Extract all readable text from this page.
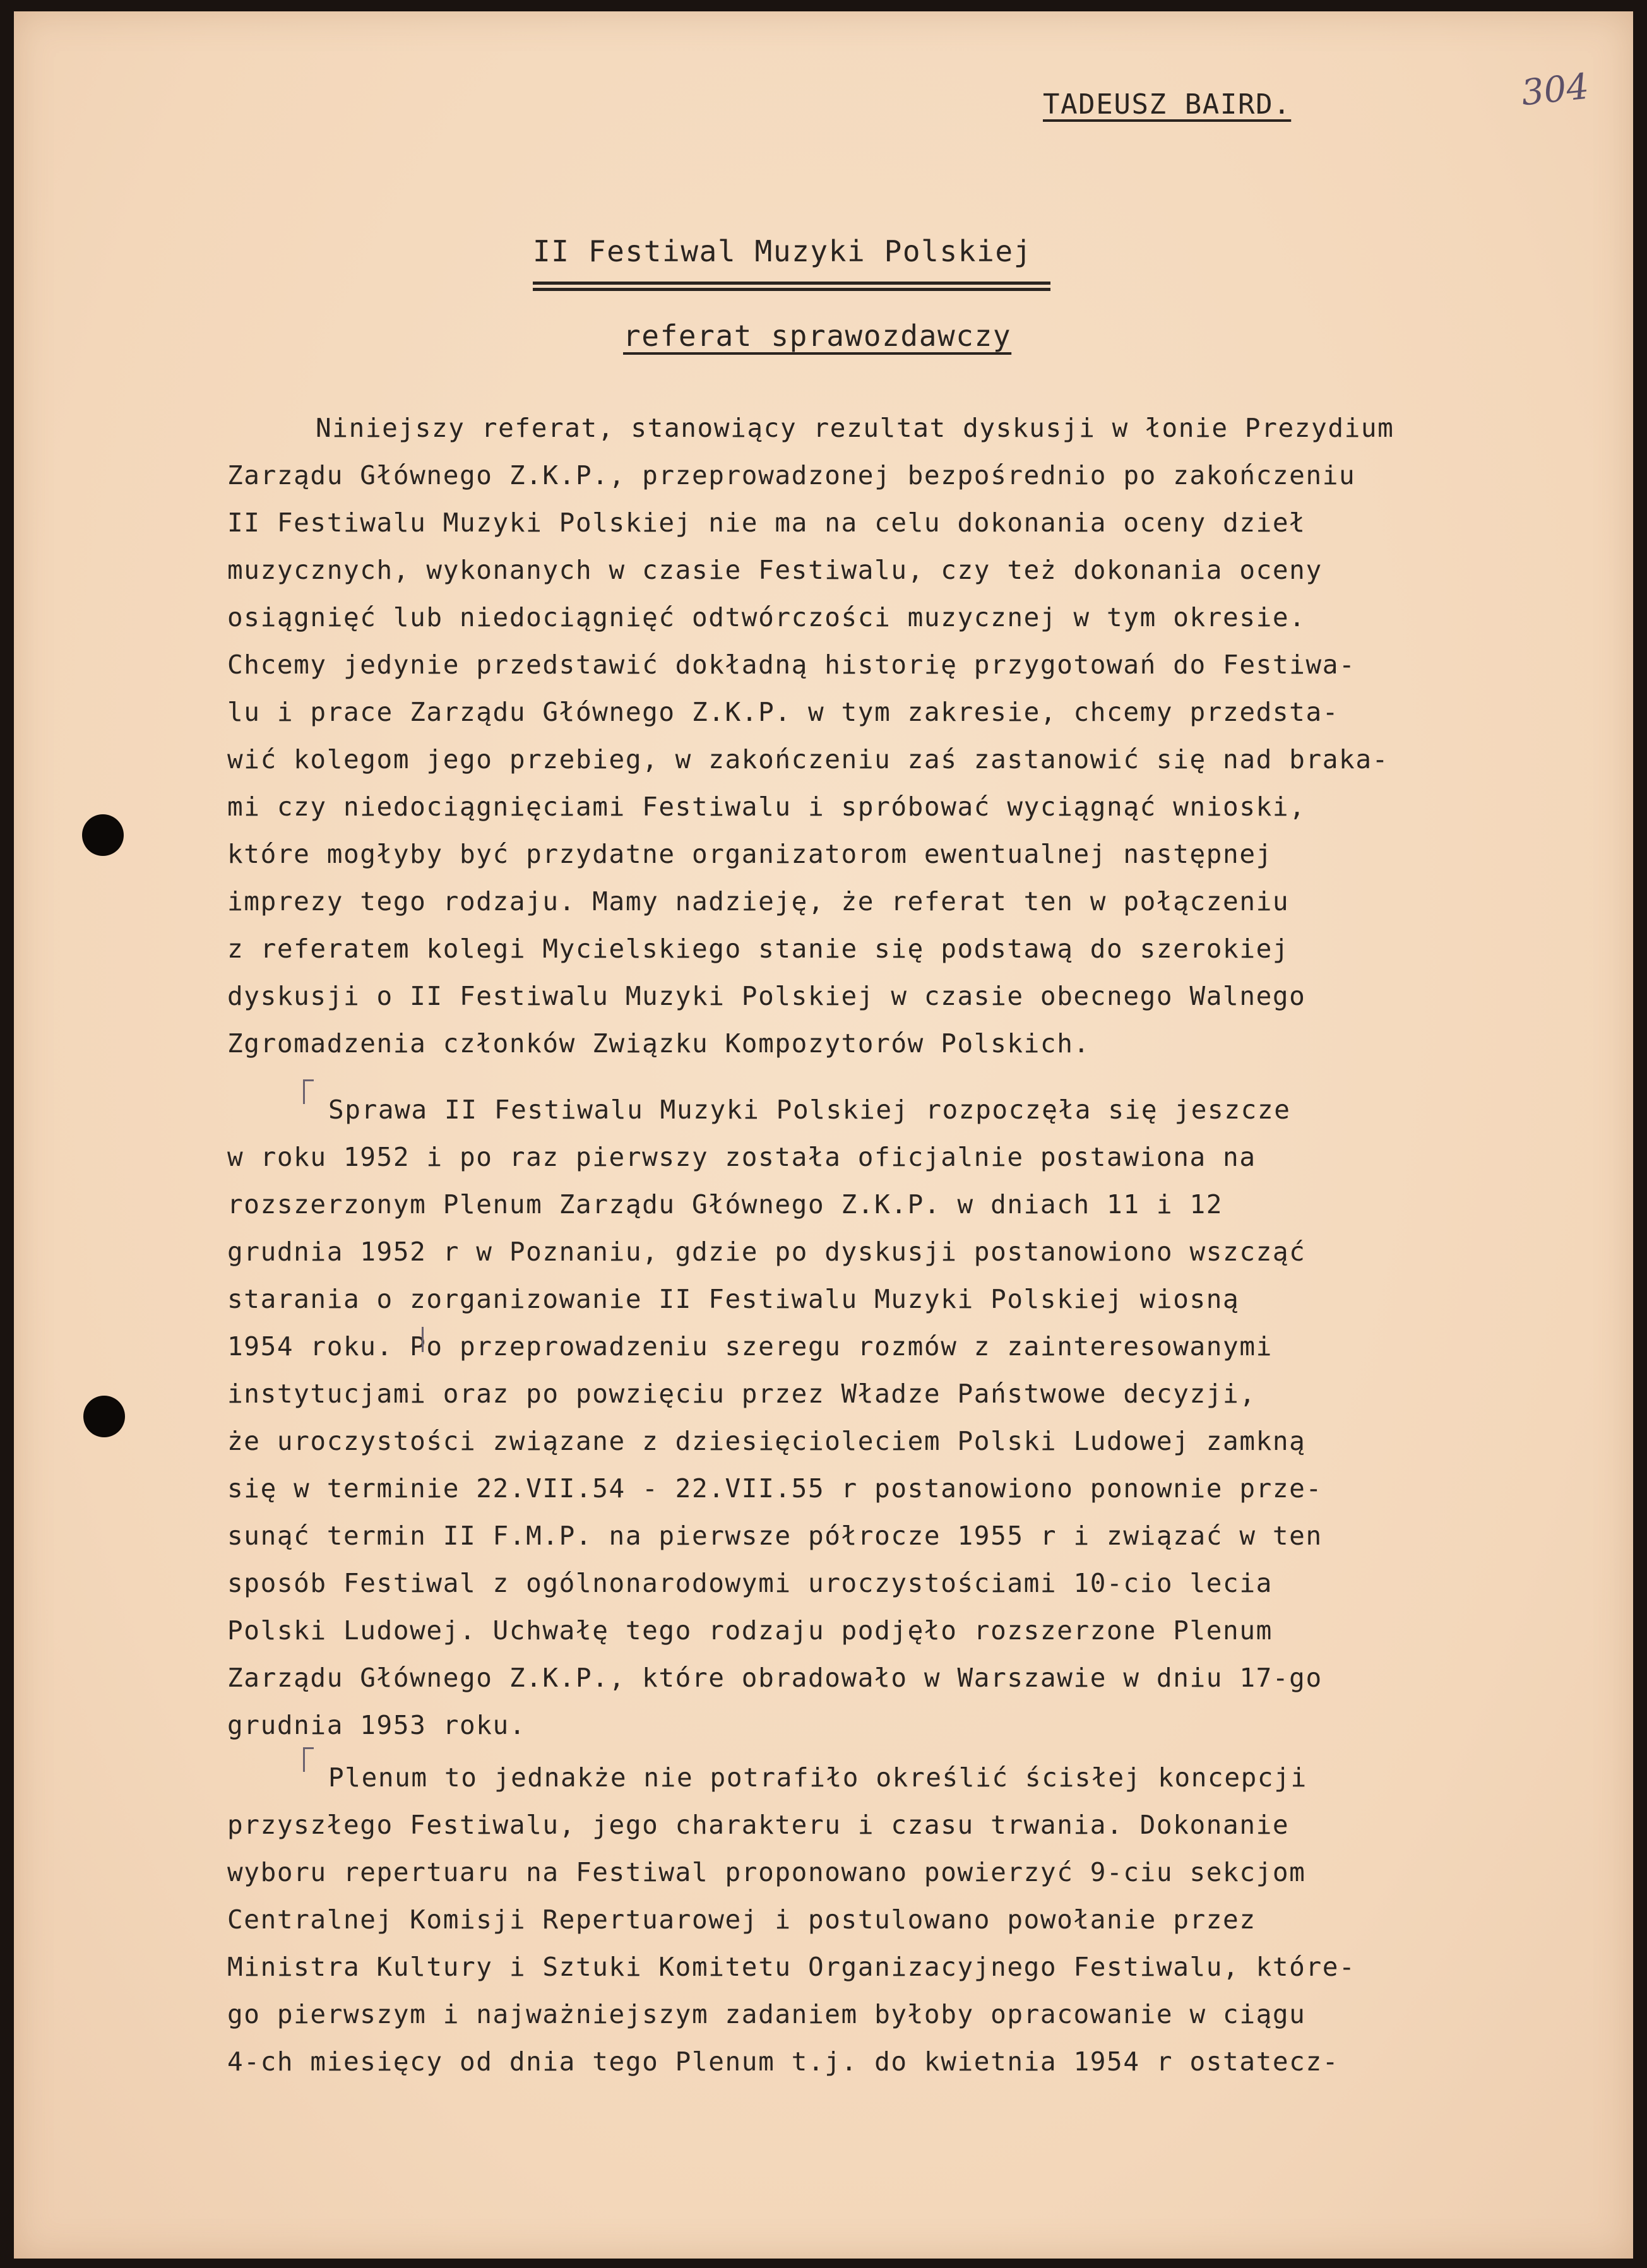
TADEUSZ BAIRD.	304
II Festiwal Muzyki Polskiej
referat sprawozdawczy
Niniejszy referat, stanowiący rezultat dyskusji w łonie Prezydium
Zarządu Głównego Z.K.P., przeprowadzonej bezpośrednio po zakończeniu
II Festiwalu Muzyki Polskiej nie ma na celu dokonania oceny dzieł
muzycznych, wykonanych w czasie Festiwalu, czy też dokonania oceny
osiągnięć lub niedociągnięć odtwórczości muzycznej w tym okresie.
Chcemy jedynie przedstawić dokładną historię przygotowań do Festiwa-
lu i prace Zarządu Głównego Z.K.P. w tym zakresie, chcemy przedsta-
wić kolegom jego przebieg, w zakończeniu zaś zastanowić się nad braka-
mi czy niedociągnięciami Festiwalu i spróbować wyciągnąć wnioski,
które mogłyby być przydatne organizatorom ewentualnej następnej
imprezy tego rodzaju. Mamy nadzieję, że referat ten w połączeniu
z referatem kolegi Mycielskiego stanie się podstawą do szerokiej
dyskusji o II Festiwalu Muzyki Polskiej w czasie obecnego Walnego
Zgromadzenia członków Związku Kompozytorów Polskich.
Sprawa II Festiwalu Muzyki Polskiej rozpoczęła się jeszcze
w roku 1952 i po raz pierwszy została oficjalnie postawiona na
rozszerzonym Plenum Zarządu Głównego Z.K.P. w dniach 11 i 12
grudnia 1952 r w Poznaniu, gdzie po dyskusji postanowiono wszcząć
starania o zorganizowanie II Festiwalu Muzyki Polskiej wiosną
1954 roku. Po przeprowadzeniu szeregu rozmów z zainteresowanymi
instytucjami oraz po powzięciu przez Władze Państwowe decyzji,
że uroczystości związane z dziesięcioleciem Polski Ludowej zamkną
się w terminie 22.VII.54 - 22.VII.55 r postanowiono ponownie prze-
sunąć termin II F.M.P. na pierwsze półrocze 1955 r i związać w ten
sposób Festiwal z ogólnonarodowymi uroczystościami 10-cio lecia
Polski Ludowej. Uchwałę tego rodzaju podjęło rozszerzone Plenum
Zarządu Głównego Z.K.P., które obradowało w Warszawie w dniu 17-go
grudnia 1953 roku.
Plenum to jednakże nie potrafiło określić ścisłej koncepcji
przyszłego Festiwalu, jego charakteru i czasu trwania. Dokonanie
wyboru repertuaru na Festiwal proponowano powierzyć 9-ciu sekcjom
Centralnej Komisji Repertuarowej i postulowano powołanie przez
Ministra Kultury i Sztuki Komitetu Organizacyjnego Festiwalu, które-
go pierwszym i najważniejszym zadaniem byłoby opracowanie w ciągu
4-ch miesięcy od dnia tego Plenum t.j. do kwietnia 1954 r ostatecz-
